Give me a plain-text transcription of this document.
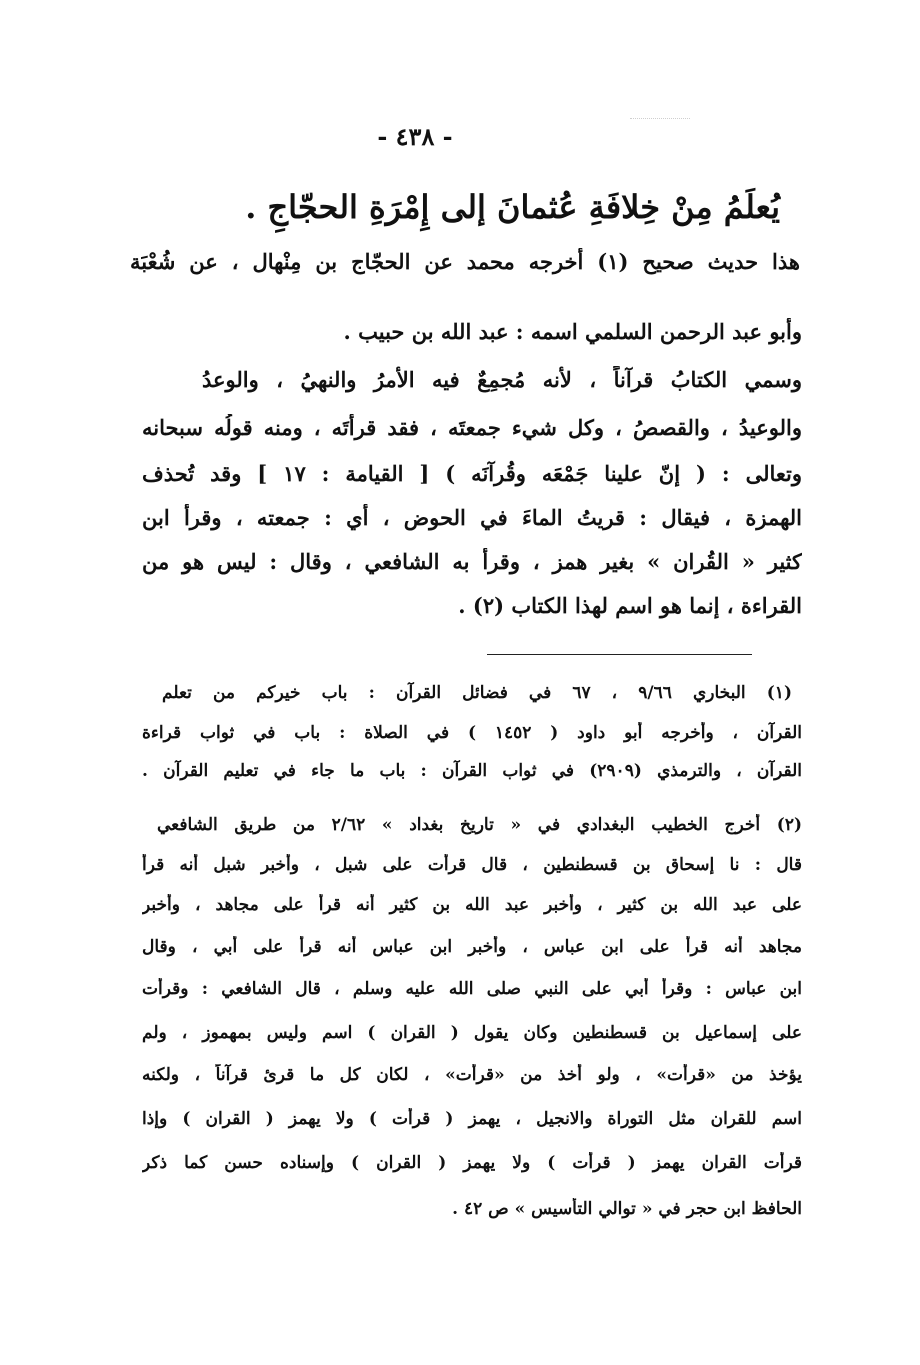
- ٤٣٨ -
يُعلَمُ مِنْ خِلافَةِ عُثمانَ إلى إِمْرَةِ الحجّاجِ .
هذا حديث صحيح (١) أخرجه محمد عن الحجّاج بن مِنْهال ، عن شُعْبَة
وأبو عبد الرحمن السلمي اسمه : عبد الله بن حبيب .
وسمي الكتابُ قرآناً ، لأنه مُجمِعٌ فيه الأمرُ والنهيُ ، والوعدُ
والوعيدُ ، والقصصُ ، وكل شيء جمعتَه ، فقد قرأتَه ، ومنه قولُه سبحانه
وتعالى : ( إنّ علينا جَمْعَه وقُرآنَه ) [ القيامة : ١٧ ] وقد تُحذف
الهمزة ، فيقال : قريتُ الماءَ في الحوض ، أي : جمعته ، وقرأ ابن
كثير « القُران » بغير همز ، وقرأ به الشافعي ، وقال : ليس هو من
القراءة ، إنما هو اسم لهذا الكتاب (٢) .
(١) البخاري ٩/٦٦ ، ٦٧ في فضائل القرآن : باب خيركم من تعلم
القرآن ، وأخرجه أبو داود ( ١٤٥٢ ) في الصلاة : باب في ثواب قراءة
القرآن ، والترمذي (٢٩٠٩) في ثواب القرآن : باب ما جاء في تعليم القرآن .
(٢) أخرج الخطيب البغدادي في « تاريخ بغداد » ٢/٦٢ من طريق الشافعي
قال : نا إسحاق بن قسطنطين ، قال قرأت على شبل ، وأخبر شبل أنه قرأ
على عبد الله بن كثير ، وأخبر عبد الله بن كثير أنه قرأ على مجاهد ، وأخبر
مجاهد أنه قرأ على ابن عباس ، وأخبر ابن عباس أنه قرأ على أبي ، وقال
ابن عباس : وقرأ أبي على النبي صلى الله عليه وسلم ، قال الشافعي : وقرأت
على إسماعيل بن قسطنطين وكان يقول ( القران ) اسم وليس بمهموز ، ولم
يؤخذ من «قرأت» ، ولو أخذ من «قرأت» ، لكان كل ما قرئ قرآناً ، ولكنه
اسم للقران مثل التوراة والانجيل ، يهمز ( قرأت ) ولا يهمز ( القران ) وإذا
قرأت القران يهمز ( قرأت ) ولا يهمز ( القران ) وإسناده حسن كما ذكر
الحافظ ابن حجر في « توالي التأسيس » ص ٤٢ .
